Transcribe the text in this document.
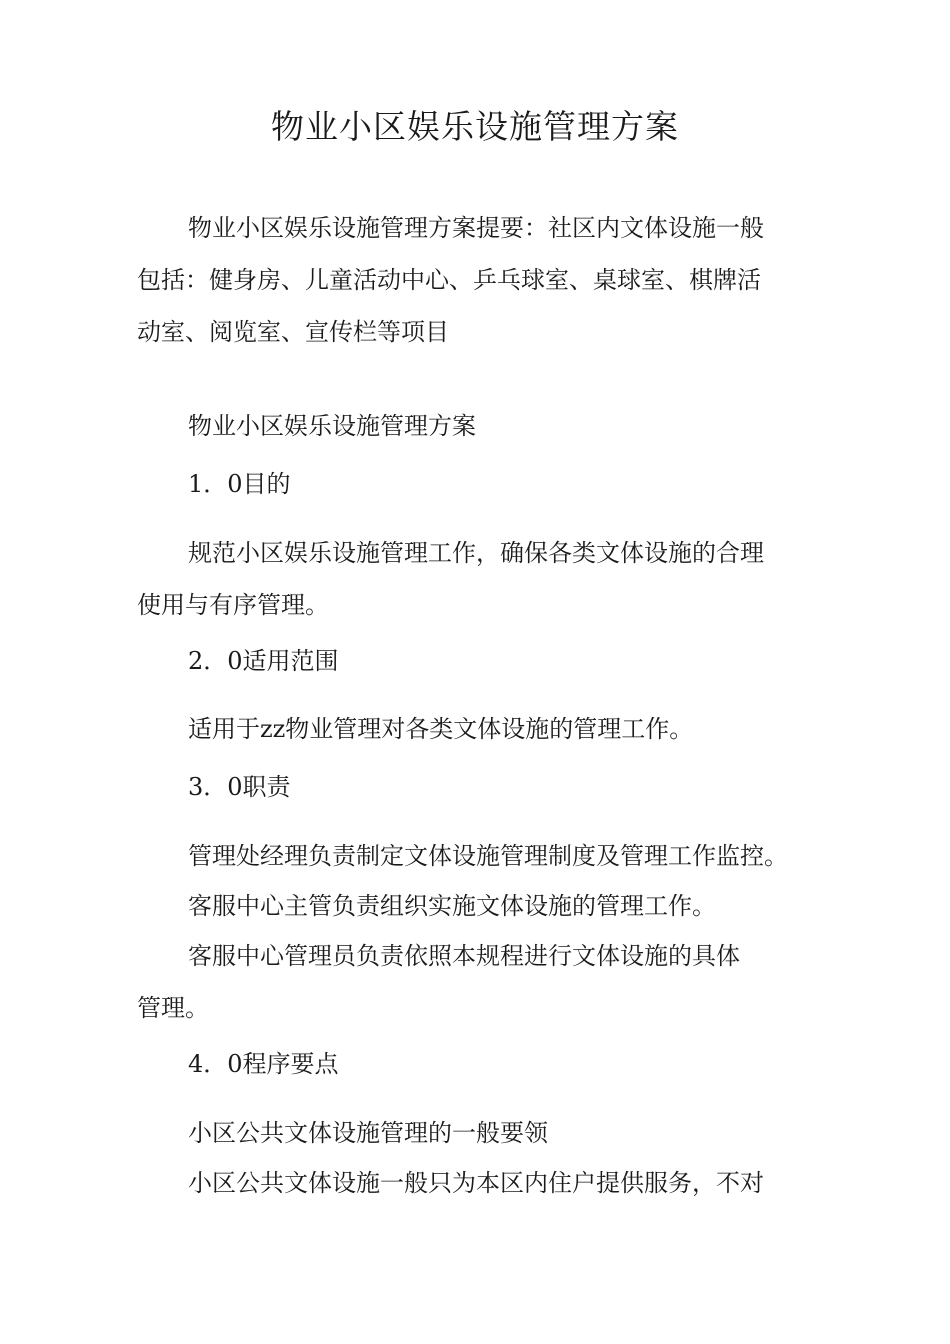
物业小区娱乐设施管理方案

物业小区娱乐设施管理方案提要：社区内文体设施一般
包括：健身房、儿童活动中心、乒乓球室、桌球室、棋牌活
动室、阅览室、宣传栏等项目

物业小区娱乐设施管理方案

1．0目的

规范小区娱乐设施管理工作，确保各类文体设施的合理
使用与有序管理。

2．0适用范围

适用于zz物业管理对各类文体设施的管理工作。

3．0职责

管理处经理负责制定文体设施管理制度及管理工作监控。

客服中心主管负责组织实施文体设施的管理工作。

客服中心管理员负责依照本规程进行文体设施的具体
管理。

4．0程序要点

小区公共文体设施管理的一般要领

小区公共文体设施一般只为本区内住户提供服务，不对
